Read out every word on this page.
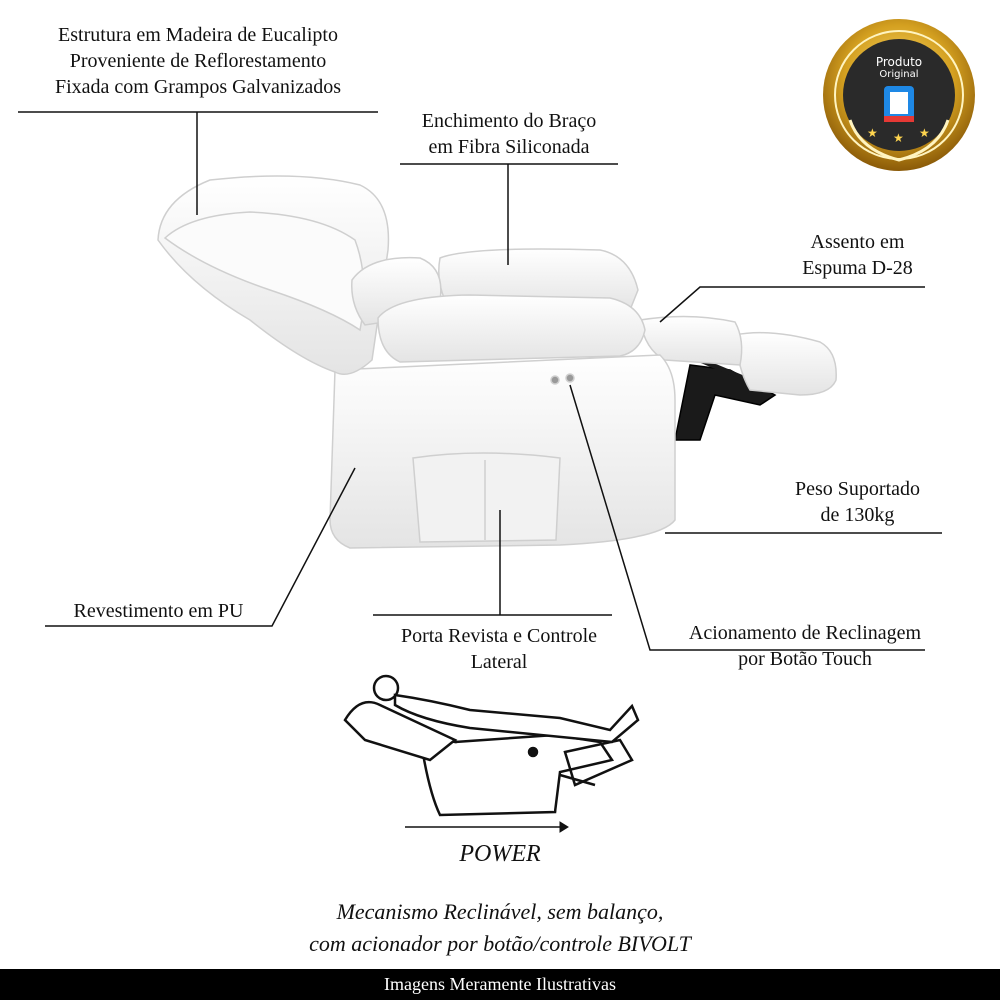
★ ★ ★
Estrutura em Madeira de Eucalipto
Proveniente de Reflorestamento
Fixada com Grampos Galvanizados
Enchimento do Braço
em Fibra Siliconada
Assento em
Espuma D-28
Peso Suportado
de 130kg
Revestimento em PU
Porta Revista e Controle
Lateral
Acionamento de Reclinagem
por Botão Touch
Produto
Original
POWER
Mecanismo Reclinável, sem balanço,
com acionador por botão/controle BIVOLT
Imagens Meramente Ilustrativas
